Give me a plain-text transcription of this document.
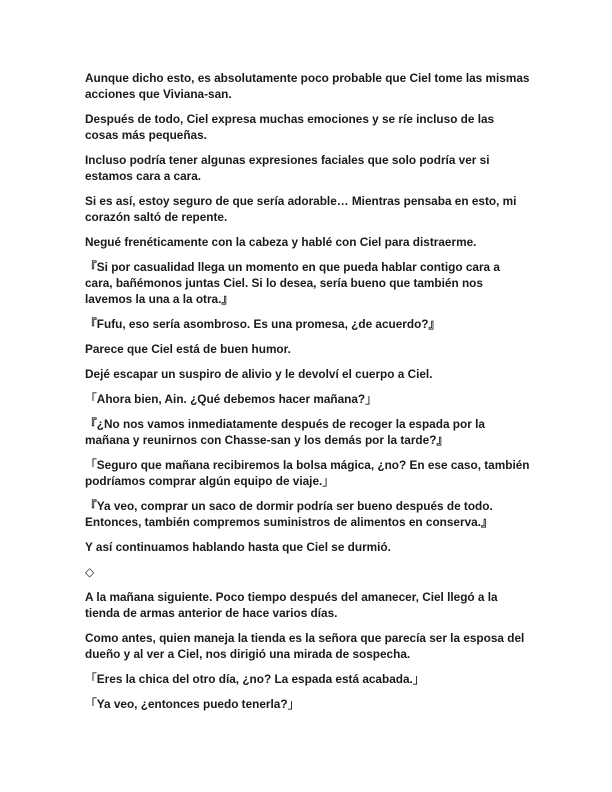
Aunque dicho esto, es absolutamente poco probable que Ciel tome las mismas acciones que Viviana-san.

Después de todo, Ciel expresa muchas emociones y se ríe incluso de las cosas más pequeñas.

Incluso podría tener algunas expresiones faciales que solo podría ver si estamos cara a cara.

Si es así, estoy seguro de que sería adorable… Mientras pensaba en esto, mi corazón saltó de repente.

Negué frenéticamente con la cabeza y hablé con Ciel para distraerme.

『Si por casualidad llega un momento en que pueda hablar contigo cara a cara, bañémonos juntas Ciel. Si lo desea, sería bueno que también nos lavemos la una a la otra.』

『Fufu, eso sería asombroso. Es una promesa, ¿de acuerdo?』

Parece que Ciel está de buen humor.

Dejé escapar un suspiro de alivio y le devolví el cuerpo a Ciel.

「Ahora bien, Ain. ¿Qué debemos hacer mañana?」

『¿No nos vamos inmediatamente después de recoger la espada por la mañana y reunirnos con Chasse-san y los demás por la tarde?』

「Seguro que mañana recibiremos la bolsa mágica, ¿no? En ese caso, también podríamos comprar algún equipo de viaje.」

『Ya veo, comprar un saco de dormir podría ser bueno después de todo. Entonces, también compremos suministros de alimentos en conserva.』

Y así continuamos hablando hasta que Ciel se durmió.

◇

A la mañana siguiente. Poco tiempo después del amanecer, Ciel llegó a la tienda de armas anterior de hace varios días.

Como antes, quien maneja la tienda es la señora que parecía ser la esposa del dueño y al ver a Ciel, nos dirigió una mirada de sospecha.

「Eres la chica del otro día, ¿no? La espada está acabada.」

「Ya veo, ¿entonces puedo tenerla?」
